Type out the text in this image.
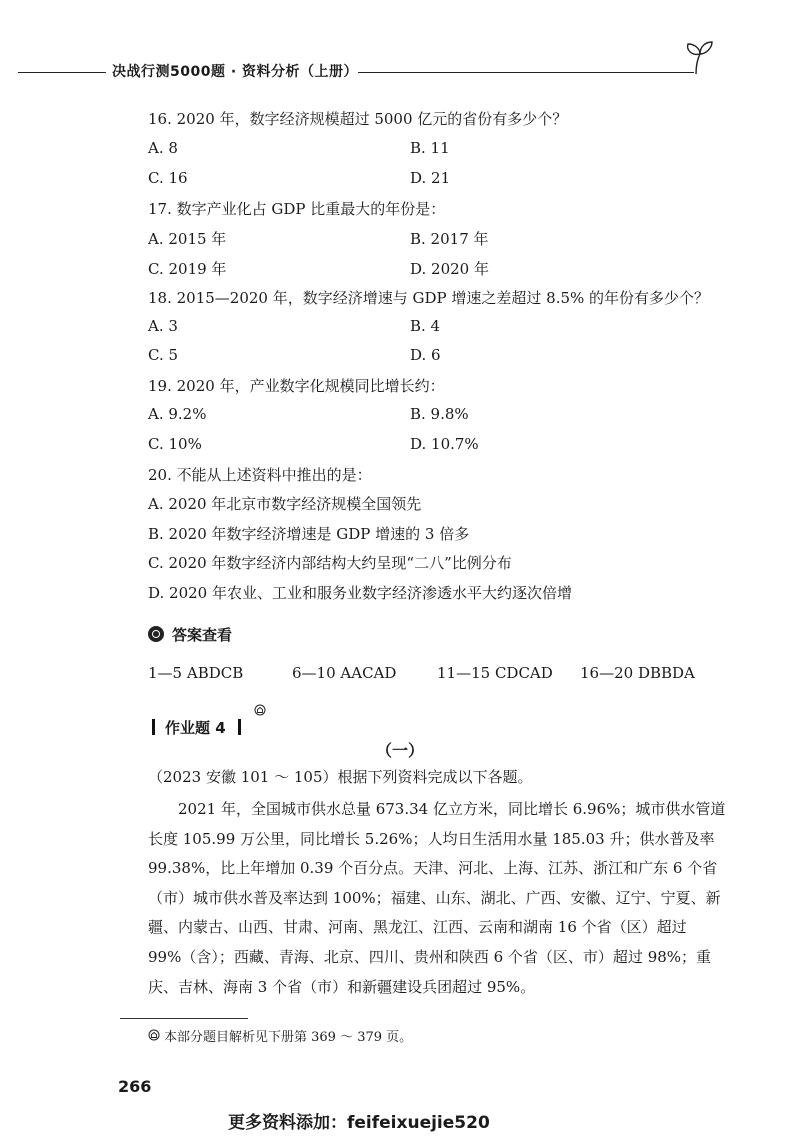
决战行测5000题 · 资料分析（上册）
16. 2020 年，数字经济规模超过 5000 亿元的省份有多少个？
A. 8	B. 11
C. 16	D. 21
17. 数字产业化占 GDP 比重最大的年份是：
A. 2015 年	B. 2017 年
C. 2019 年	D. 2020 年
18. 2015—2020 年，数字经济增速与 GDP 增速之差超过 8.5% 的年份有多少个？
A. 3	B. 4
C. 5	D. 6
19. 2020 年，产业数字化规模同比增长约：
A. 9.2%	B. 9.8%
C. 10%	D. 10.7%
20. 不能从上述资料中推出的是：
A. 2020 年北京市数字经济规模全国领先
B. 2020 年数字经济增速是 GDP 增速的 3 倍多
C. 2020 年数字经济内部结构大约呈现“二八”比例分布
D. 2020 年农业、工业和服务业数字经济渗透水平大约逐次倍增
答案查看
1—5 ABDCB	6—10 AACAD	11—15 CDCAD 16—20 DBBDA
作业题 4
（一）
（2023 安徽 101 ～ 105）根据下列资料完成以下各题。
2021 年，全国城市供水总量 673.34 亿立方米，同比增长 6.96%；城市供水管道
长度 105.99 万公里，同比增长 5.26%；人均日生活用水量 185.03 升；供水普及率
99.38%，比上年增加 0.39 个百分点。天津、河北、上海、江苏、浙江和广东 6 个省
（市）城市供水普及率达到 100%；福建、山东、湖北、广西、安徽、辽宁、宁夏、新
疆、内蒙古、山西、甘肃、河南、黑龙江、江西、云南和湖南 16 个省（区）超过
99%（含）；西藏、青海、北京、四川、贵州和陕西 6 个省（区、市）超过 98%；重
庆、吉林、海南 3 个省（市）和新疆建设兵团超过 95%。
本部分题目解析见下册第 369 ～ 379 页。
266
更多资料添加：feifeixuejie520
